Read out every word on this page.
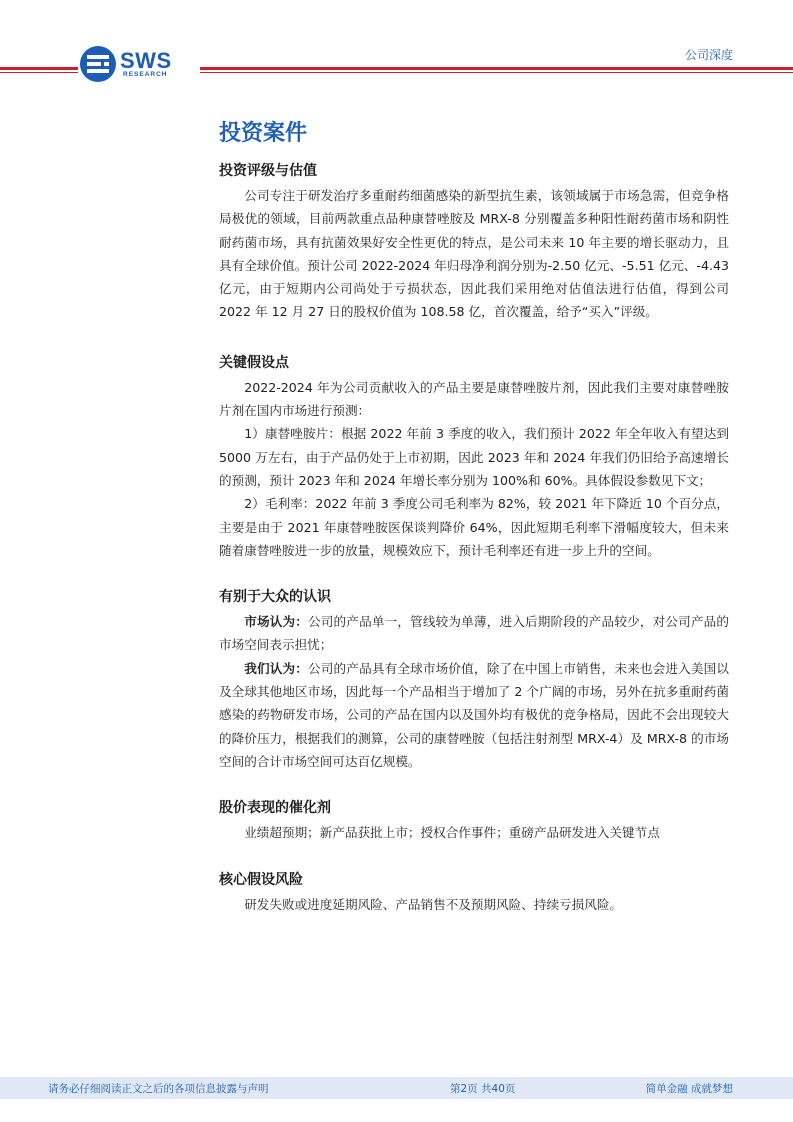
SWS
RESEARCH
公司深度
投资案件
投资评级与估值

公司专注于研发治疗多重耐药细菌感染的新型抗生素，该领域属于市场急需，但竞争格局极优的领域，目前两款重点品种康替唑胺及 MRX-8 分别覆盖多种阳性耐药菌市场和阴性耐药菌市场，具有抗菌效果好安全性更优的特点，是公司未来 10 年主要的增长驱动力，且具有全球价值。预计公司 2022-2024 年归母净利润分别为-2.50 亿元、-5.51 亿元、-4.43 亿元，由于短期内公司尚处于亏损状态，因此我们采用绝对估值法进行估值，得到公司 2022 年 12 月 27 日的股权价值为 108.58 亿，首次覆盖，给予“买入”评级。

关键假设点

2022-2024 年为公司贡献收入的产品主要是康替唑胺片剂，因此我们主要对康替唑胺片剂在国内市场进行预测：

1）康替唑胺片：根据 2022 年前 3 季度的收入，我们预计 2022 年全年收入有望达到 5000 万左右，由于产品仍处于上市初期，因此 2023 年和 2024 年我们仍旧给予高速增长的预测，预计 2023 年和 2024 年增长率分别为 100%和 60%。具体假设参数见下文；

2）毛利率：2022 年前 3 季度公司毛利率为 82%，较 2021 年下降近 10 个百分点，主要是由于 2021 年康替唑胺医保谈判降价 64%，因此短期毛利率下滑幅度较大，但未来随着康替唑胺进一步的放量，规模效应下，预计毛利率还有进一步上升的空间。

有别于大众的认识

市场认为：公司的产品单一，管线较为单薄，进入后期阶段的产品较少，对公司产品的市场空间表示担忧；

我们认为：公司的产品具有全球市场价值，除了在中国上市销售，未来也会进入美国以及全球其他地区市场，因此每一个产品相当于增加了 2 个广阔的市场，另外在抗多重耐药菌感染的药物研发市场，公司的产品在国内以及国外均有极优的竞争格局，因此不会出现较大的降价压力，根据我们的测算，公司的康替唑胺（包括注射剂型 MRX-4）及 MRX-8 的市场空间的合计市场空间可达百亿规模。

股价表现的催化剂

业绩超预期；新产品获批上市；授权合作事件；重磅产品研发进入关键节点

核心假设风险

研发失败或进度延期风险、产品销售不及预期风险、持续亏损风险。

请务必仔细阅读正文之后的各项信息披露与声明	第2页 共40页	简单金融 成就梦想
